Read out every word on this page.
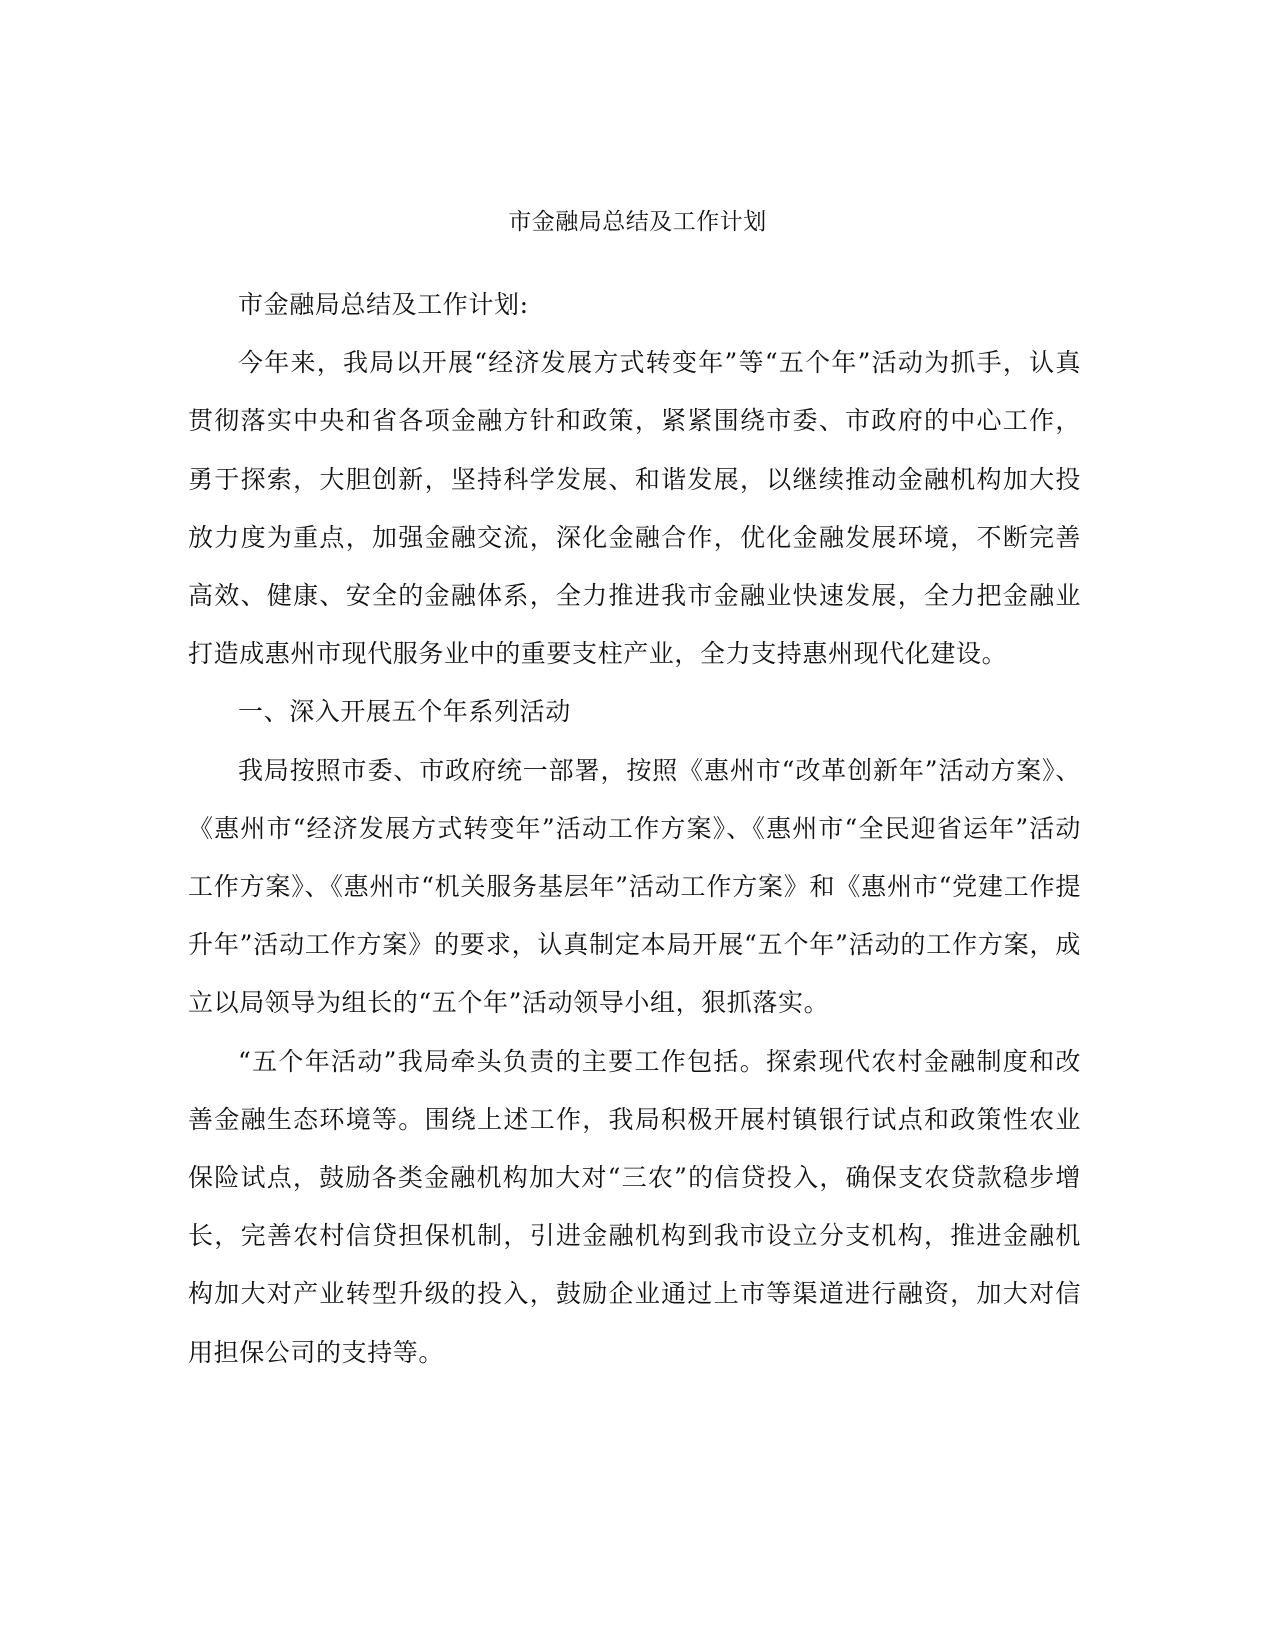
市金融局总结及工作计划

市金融局总结及工作计划:

今年来，我局以开展“经济发展方式转变年”等“五个年”活动为抓手，认真贯彻落实中央和省各项金融方针和政策，紧紧围绕市委、市政府的中心工作，勇于探索，大胆创新，坚持科学发展、和谐发展，以继续推动金融机构加大投放力度为重点，加强金融交流，深化金融合作，优化金融发展环境，不断完善高效、健康、安全的金融体系，全力推进我市金融业快速发展，全力把金融业打造成惠州市现代服务业中的重要支柱产业，全力支持惠州现代化建设。

一、深入开展五个年系列活动

我局按照市委、市政府统一部署，按照《惠州市“改革创新年”活动方案》、《惠州市“经济发展方式转变年”活动工作方案》、《惠州市“全民迎省运年”活动工作方案》、《惠州市“机关服务基层年”活动工作方案》和《惠州市“党建工作提升年”活动工作方案》的要求，认真制定本局开展“五个年”活动的工作方案，成立以局领导为组长的“五个年”活动领导小组，狠抓落实。

“五个年活动”我局牵头负责的主要工作包括。探索现代农村金融制度和改善金融生态环境等。围绕上述工作，我局积极开展村镇银行试点和政策性农业保险试点，鼓励各类金融机构加大对“三农”的信贷投入，确保支农贷款稳步增长，完善农村信贷担保机制，引进金融机构到我市设立分支机构，推进金融机构加大对产业转型升级的投入，鼓励企业通过上市等渠道进行融资，加大对信用担保公司的支持等。
